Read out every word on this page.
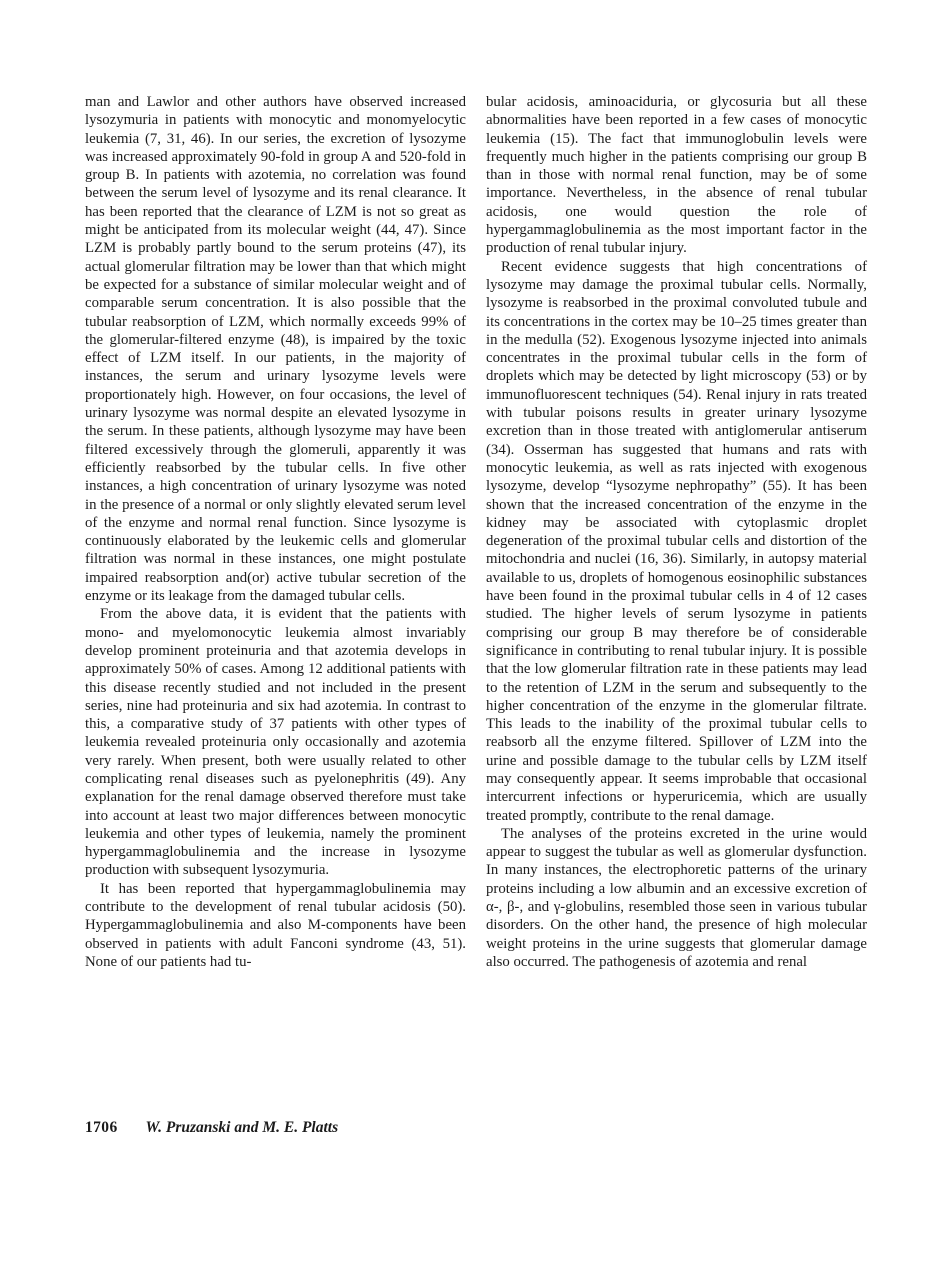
man and Lawlor and other authors have observed increased lysozymuria in patients with monocytic and monomyelocytic leukemia (7, 31, 46). In our series, the excretion of lysozyme was increased approximately 90-fold in group A and 520-fold in group B. In patients with azotemia, no correlation was found between the serum level of lysozyme and its renal clearance. It has been reported that the clearance of LZM is not so great as might be anticipated from its molecular weight (44, 47). Since LZM is probably partly bound to the serum proteins (47), its actual glomerular filtration may be lower than that which might be expected for a substance of similar molecular weight and of comparable serum concentration. It is also possible that the tubular reabsorption of LZM, which normally exceeds 99% of the glomerular-filtered enzyme (48), is impaired by the toxic effect of LZM itself. In our patients, in the majority of instances, the serum and urinary lysozyme levels were proportionately high. However, on four occasions, the level of urinary lysozyme was normal despite an elevated lysozyme in the serum. In these patients, although lysozyme may have been filtered excessively through the glomeruli, apparently it was efficiently reabsorbed by the tubular cells. In five other instances, a high concentration of urinary lysozyme was noted in the presence of a normal or only slightly elevated serum level of the enzyme and normal renal function. Since lysozyme is continuously elaborated by the leukemic cells and glomerular filtration was normal in these instances, one might postulate impaired reabsorption and(or) active tubular secretion of the enzyme or its leakage from the damaged tubular cells.

From the above data, it is evident that the patients with mono- and myelomonocytic leukemia almost invariably develop prominent proteinuria and that azotemia develops in approximately 50% of cases. Among 12 additional patients with this disease recently studied and not included in the present series, nine had proteinuria and six had azotemia. In contrast to this, a comparative study of 37 patients with other types of leukemia revealed proteinuria only occasionally and azotemia very rarely. When present, both were usually related to other complicating renal diseases such as pyelonephritis (49). Any explanation for the renal damage observed therefore must take into account at least two major differences between monocytic leukemia and other types of leukemia, namely the prominent hypergammaglobulinemia and the increase in lysozyme production with subsequent lysozymuria.

It has been reported that hypergammaglobulinemia may contribute to the development of renal tubular acidosis (50). Hypergammaglobulinemia and also M-components have been observed in patients with adult Fanconi syndrome (43, 51). None of our patients had tu-

bular acidosis, aminoaciduria, or glycosuria but all these abnormalities have been reported in a few cases of monocytic leukemia (15). The fact that immunoglobulin levels were frequently much higher in the patients comprising our group B than in those with normal renal function, may be of some importance. Nevertheless, in the absence of renal tubular acidosis, one would question the role of hypergammaglobulinemia as the most important factor in the production of renal tubular injury.

Recent evidence suggests that high concentrations of lysozyme may damage the proximal tubular cells. Normally, lysozyme is reabsorbed in the proximal convoluted tubule and its concentrations in the cortex may be 10–25 times greater than in the medulla (52). Exogenous lysozyme injected into animals concentrates in the proximal tubular cells in the form of droplets which may be detected by light microscopy (53) or by immunofluorescent techniques (54). Renal injury in rats treated with tubular poisons results in greater urinary lysozyme excretion than in those treated with antiglomerular antiserum (34). Osserman has suggested that humans and rats with monocytic leukemia, as well as rats injected with exogenous lysozyme, develop “lysozyme nephropathy” (55). It has been shown that the increased concentration of the enzyme in the kidney may be associated with cytoplasmic droplet degeneration of the proximal tubular cells and distortion of the mitochondria and nuclei (16, 36). Similarly, in autopsy material available to us, droplets of homogenous eosinophilic substances have been found in the proximal tubular cells in 4 of 12 cases studied. The higher levels of serum lysozyme in patients comprising our group B may therefore be of considerable significance in contributing to renal tubular injury. It is possible that the low glomerular filtration rate in these patients may lead to the retention of LZM in the serum and subsequently to the higher concentration of the enzyme in the glomerular filtrate. This leads to the inability of the proximal tubular cells to reabsorb all the enzyme filtered. Spillover of LZM into the urine and possible damage to the tubular cells by LZM itself may consequently appear. It seems improbable that occasional intercurrent infections or hyperuricemia, which are usually treated promptly, contribute to the renal damage.

The analyses of the proteins excreted in the urine would appear to suggest the tubular as well as glomerular dysfunction. In many instances, the electrophoretic patterns of the urinary proteins including a low albumin and an excessive excretion of α-, β-, and γ-globulins, resembled those seen in various tubular disorders. On the other hand, the presence of high molecular weight proteins in the urine suggests that glomerular damage also occurred. The pathogenesis of azotemia and renal

1706 W. Pruzanski and M. E. Platts
